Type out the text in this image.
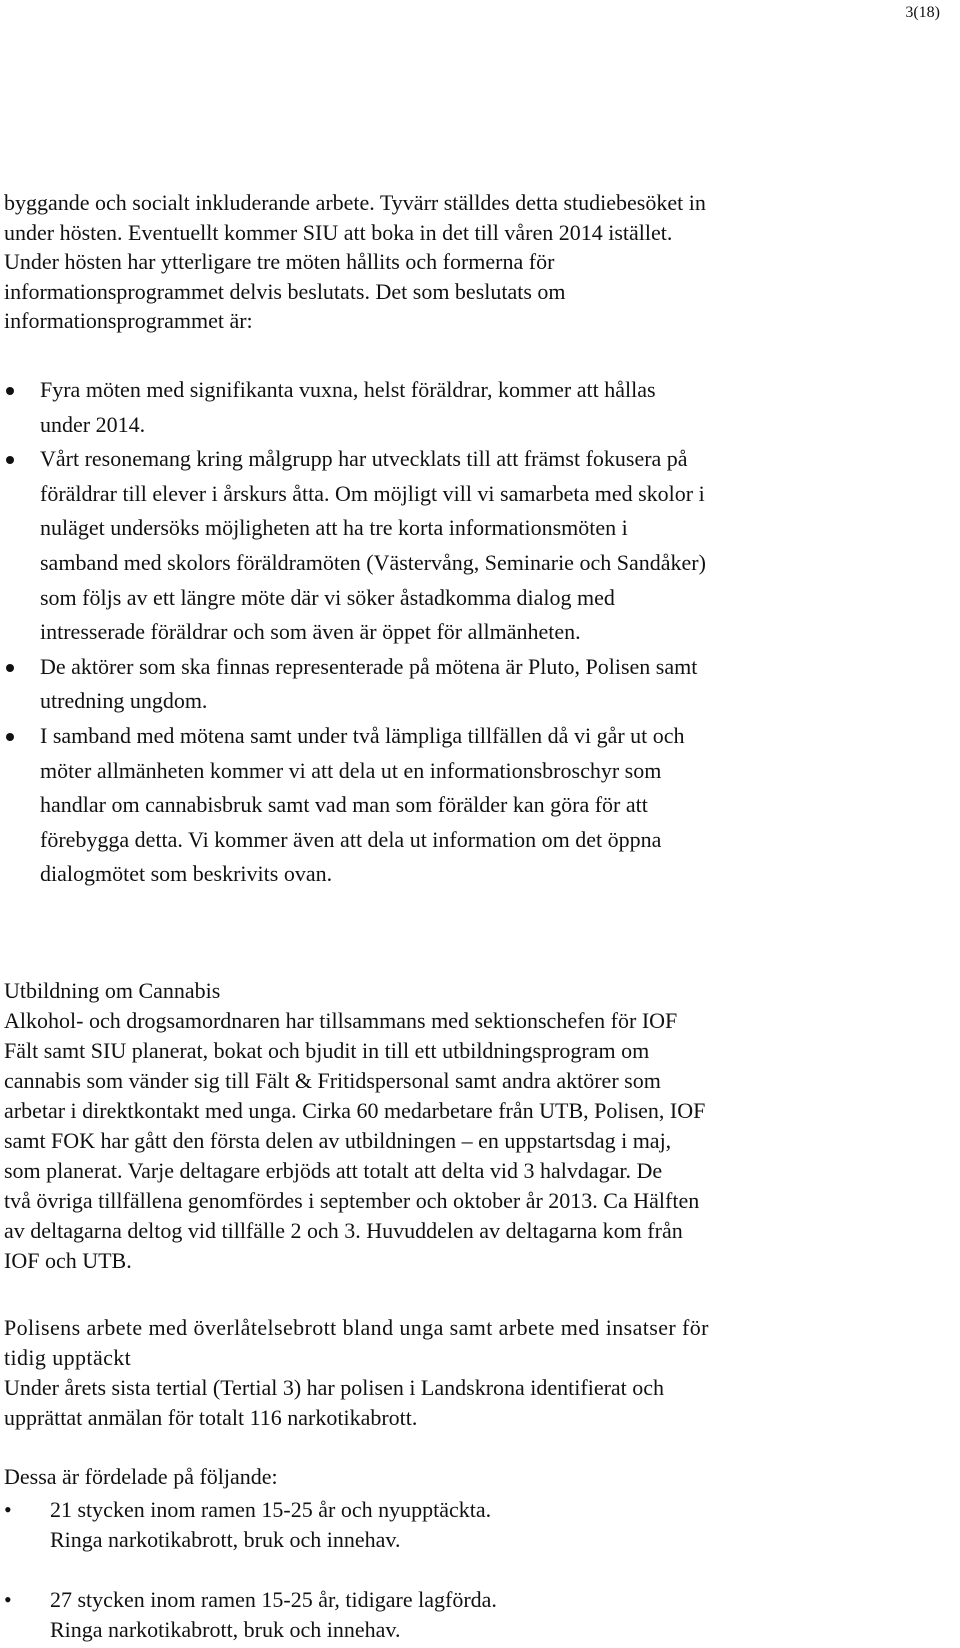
3(18)

byggande och socialt inkluderande arbete. Tyvärr ställdes detta studiebesöket in
under hösten. Eventuellt kommer SIU att boka in det till våren 2014 istället.
Under hösten har ytterligare tre möten hållits och formerna för
informationsprogrammet delvis beslutats. Det som beslutats om
informationsprogrammet är:

Fyra möten med signifikanta vuxna, helst föräldrar, kommer att hållas
under 2014.
Vårt resonemang kring målgrupp har utvecklats till att främst fokusera på
föräldrar till elever i årskurs åtta. Om möjligt vill vi samarbeta med skolor i
nuläget undersöks möjligheten att ha tre korta informationsmöten i
samband med skolors föräldramöten (Västervång, Seminarie och Sandåker)
som följs av ett längre möte där vi söker åstadkomma dialog med
intresserade föräldrar och som även är öppet för allmänheten.
De aktörer som ska finnas representerade på mötena är Pluto, Polisen samt
utredning ungdom.
I samband med mötena samt under två lämpliga tillfällen då vi går ut och
möter allmänheten kommer vi att dela ut en informationsbroschyr som
handlar om cannabisbruk samt vad man som förälder kan göra för att
förebygga detta. Vi kommer även att dela ut information om det öppna
dialogmötet som beskrivits ovan.
Utbildning om Cannabis
Alkohol- och drogsamordnaren har tillsammans med sektionschefen för IOF
Fält samt SIU planerat, bokat och bjudit in till ett utbildningsprogram om
cannabis som vänder sig till Fält & Fritidspersonal samt andra aktörer som
arbetar i direktkontakt med unga. Cirka 60 medarbetare från UTB, Polisen, IOF
samt FOK har gått den första delen av utbildningen – en uppstartsdag i maj,
som planerat. Varje deltagare erbjöds att totalt att delta vid 3 halvdagar. De
två övriga tillfällena genomfördes i september och oktober år 2013. Ca Hälften
av deltagarna deltog vid tillfälle 2 och 3. Huvuddelen av deltagarna kom från
IOF och UTB.
Polisens arbete med överlåtelsebrott bland unga samt arbete med insatser för
tidig upptäckt
Under årets sista tertial (Tertial 3) har polisen i Landskrona identifierat och
upprättat anmälan för totalt 116 narkotikabrott.

Dessa är fördelade på följande:

• 21 stycken inom ramen 15-25 år och nyupptäckta.
Ringa narkotikabrott, bruk och innehav.
• 27 stycken inom ramen 15-25 år, tidigare lagförda.
Ringa narkotikabrott, bruk och innehav.
